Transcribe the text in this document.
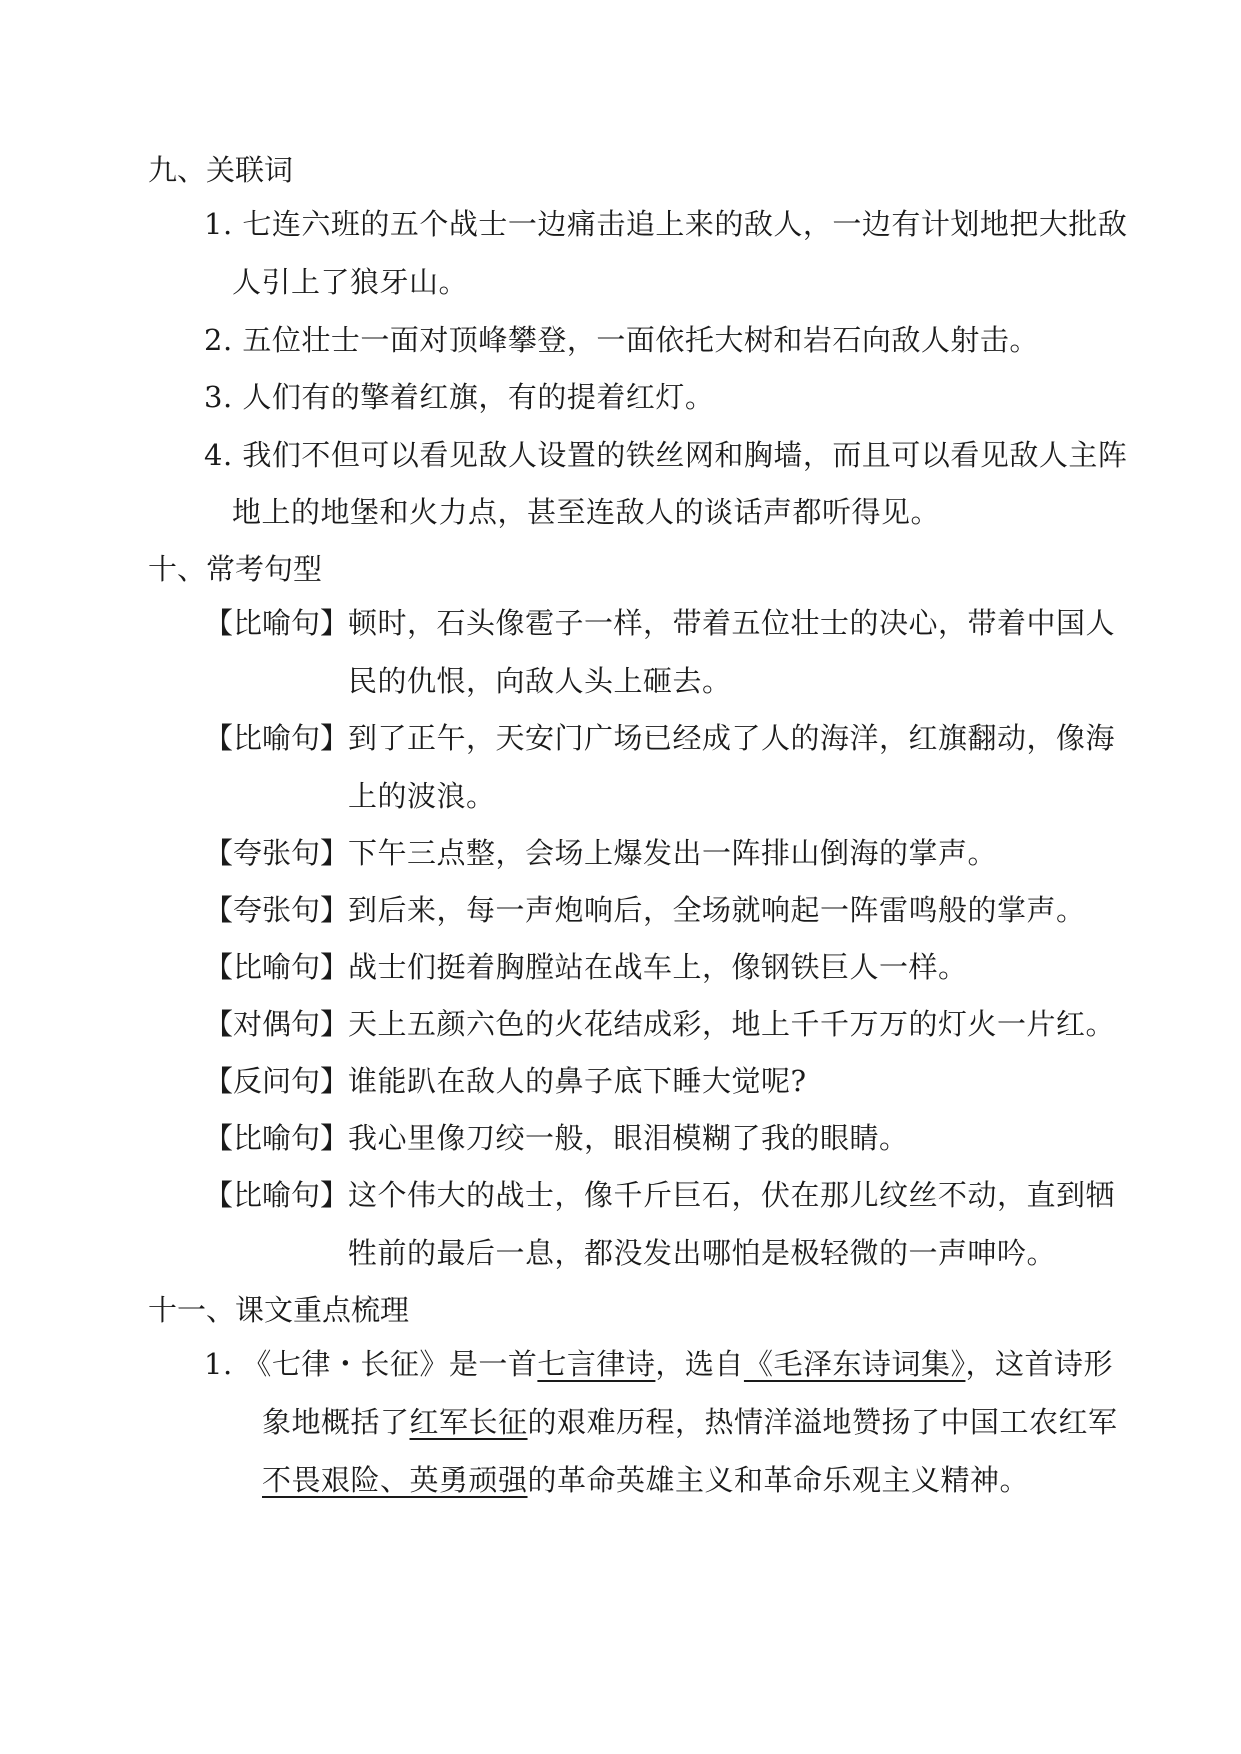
九、关联词
1. 七连六班的五个战士一边痛击追上来的敌人，一边有计划地把大批敌
人引上了狼牙山。
2. 五位壮士一面对顶峰攀登，一面依托大树和岩石向敌人射击。
3. 人们有的擎着红旗，有的提着红灯。
4. 我们不但可以看见敌人设置的铁丝网和胸墙，而且可以看见敌人主阵
地上的地堡和火力点，甚至连敌人的谈话声都听得见。
十、常考句型
【比喻句】
顿时，石头像雹子一样，带着五位壮士的决心，带着中国人
民的仇恨，向敌人头上砸去。
【比喻句】
到了正午，天安门广场已经成了人的海洋，红旗翻动，像海
上的波浪。
【夸张句】
下午三点整，会场上爆发出一阵排山倒海的掌声。
【夸张句】
到后来，每一声炮响后，全场就响起一阵雷鸣般的掌声。
【比喻句】
战士们挺着胸膛站在战车上，像钢铁巨人一样。
【对偶句】
天上五颜六色的火花结成彩，地上千千万万的灯火一片红。
【反问句】
谁能趴在敌人的鼻子底下睡大觉呢?
【比喻句】
我心里像刀绞一般，眼泪模糊了我的眼睛。
【比喻句】
这个伟大的战士，像千斤巨石，伏在那儿纹丝不动，直到牺
牲前的最后一息，都没发出哪怕是极轻微的一声呻吟。
十一、课文重点梳理
1. 《七律・长征》是一首七言律诗，选自《毛泽东诗词集》，这首诗形
象地概括了红军长征的艰难历程，热情洋溢地赞扬了中国工农红军
不畏艰险、英勇顽强的革命英雄主义和革命乐观主义精神。
